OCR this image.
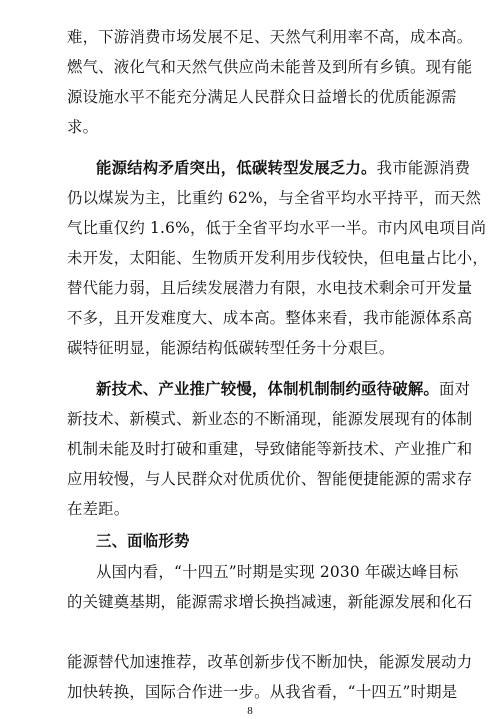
难，下游消费市场发展不足、天然气利用率不高，成本高。
燃气、液化气和天然气供应尚未能普及到所有乡镇。现有能
源设施水平不能充分满足人民群众日益增长的优质能源需
求。
能源结构矛盾突出，低碳转型发展乏力。我市能源消费
仍以煤炭为主，比重约 62%，与全省平均水平持平，而天然
气比重仅约 1.6%，低于全省平均水平一半。市内风电项目尚
未开发，太阳能、生物质开发利用步伐较快，但电量占比小，
替代能力弱，且后续发展潜力有限，水电技术剩余可开发量
不多，且开发难度大、成本高。整体来看，我市能源体系高
碳特征明显，能源结构低碳转型任务十分艰巨。
新技术、产业推广较慢，体制机制制约亟待破解。面对
新技术、新模式、新业态的不断涌现，能源发展现有的体制
机制未能及时打破和重建，导致储能等新技术、产业推广和
应用较慢，与人民群众对优质优价、智能便捷能源的需求存
在差距。
三、面临形势
从国内看，“十四五”时期是实现 2030 年碳达峰目标
的关键奠基期，能源需求增长换挡减速，新能源发展和化石
8
能源替代加速推荐，改革创新步伐不断加快，能源发展动力
加快转换，国际合作进一步。从我省看，“十四五”时期是
